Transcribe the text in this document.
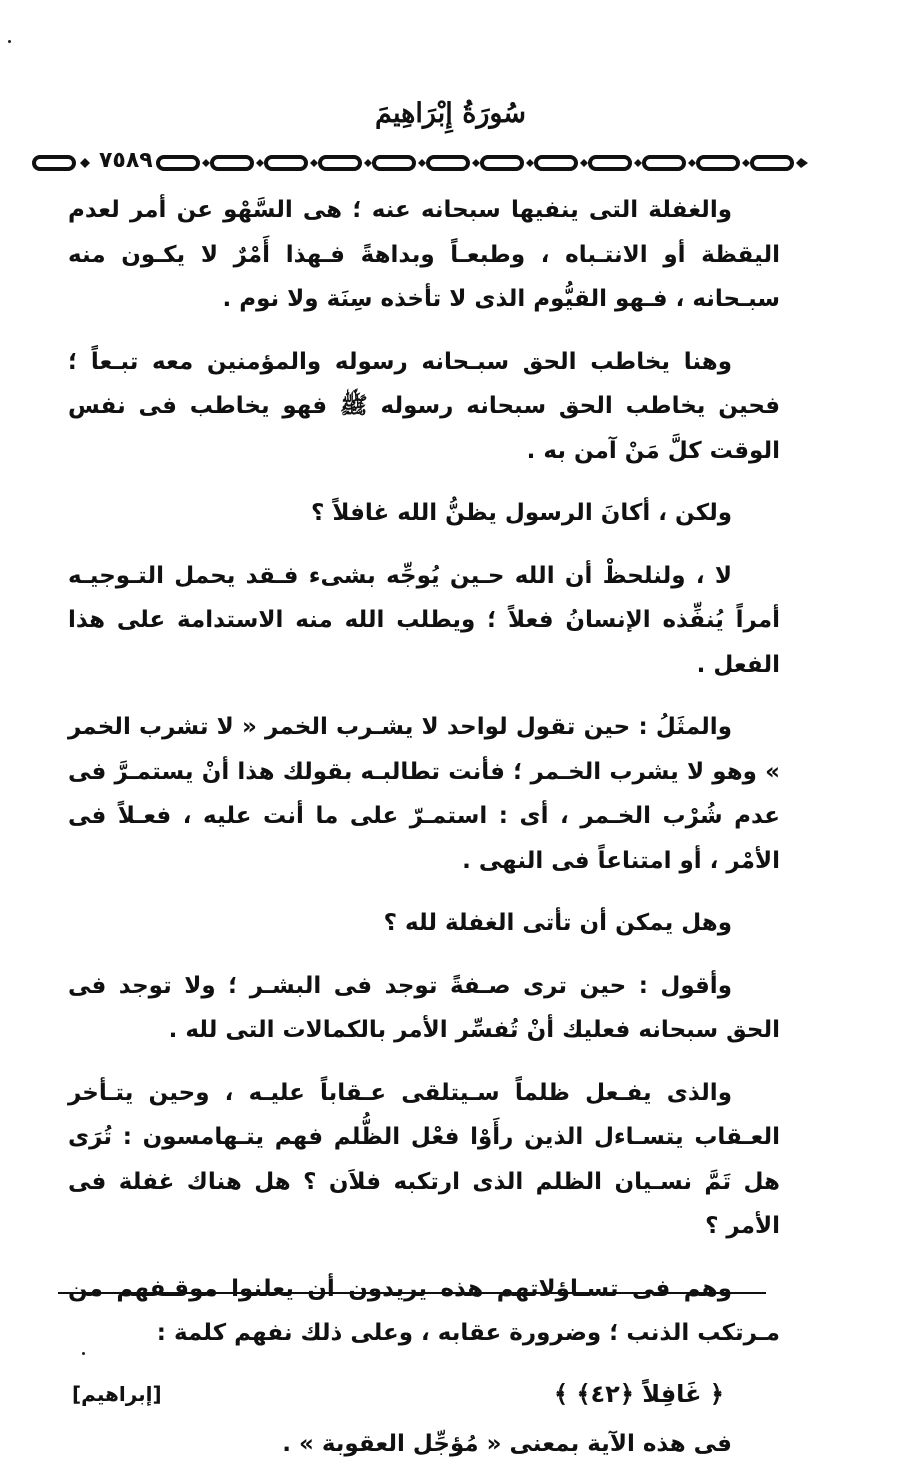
سُورَةُ إِبْرَاهِيمَ
٧٥٨٩

والغفلة التى ينفيها سبحانه عنه ؛ هى السَّهْو عن أمر لعدم اليقظة أو الانتـباه ، وطبعـاً وبداهةً فـهذا أَمْرٌ لا يكـون منه سبـحانه ، فـهو القيُّوم الذى لا تأخذه سِنَة ولا نوم .

وهنا يخاطب الحق سبـحانه رسوله والمؤمنين معه تبـعاً ؛ فحين يخاطب الحق سبحانه رسوله ﷺ فهو يخاطب فى نفس الوقت كلَّ مَنْ آمن به .

ولكن ، أكانَ الرسول يظنُّ الله غافلاً ؟

لا ، ولنلحظْ أن الله حـين يُوجِّه بشىء فـقد يحمل التـوجيـه أمراً يُنفِّذه الإنسانُ فعلاً ؛ ويطلب الله منه الاستدامة على هذا الفعل .

والمثَلُ : حين تقول لواحد لا يشـرب الخمر « لا تشرب الخمر » وهو لا يشرب الخـمر ؛ فأنت تطالبـه بقولك هذا أنْ يستمـرَّ فى عدم شُرْب الخـمر ، أى : استمـرّ على ما أنت عليه ، فعـلاً فى الأمْر ، أو امتناعاً فى النهى .

وهل يمكن أن تأتى الغفلة لله ؟

وأقول : حين ترى صـفةً توجد فى البشـر ؛ ولا توجد فى الحق سبحانه فعليك أنْ تُفسِّر الأمر بالكمالات التى لله .

والذى يفـعل ظلماً سـيتلقى عـقاباً عليـه ، وحين يتـأخر العـقاب يتسـاءل الذين رأَوْا فعْل الظُّلم فهم يتـهامسون : تُرَى هل تَمَّ نسـيان الظلم الذى ارتكبه فلاَن ؟ هل هناك غفلة فى الأمر ؟

وهم فى تسـاؤلاتهم هذه يريدون أن يعلنوا موقـفهم من مـرتكب الذنب ؛ وضرورة عقابه ، وعلى ذلك نفهم كلمة :

﴿ غَافِلاً ﴿٤٢﴾ ﴾
[إبراهيم]

فى هذه الآية بمعنى « مُؤجِّل العقوبة » .
